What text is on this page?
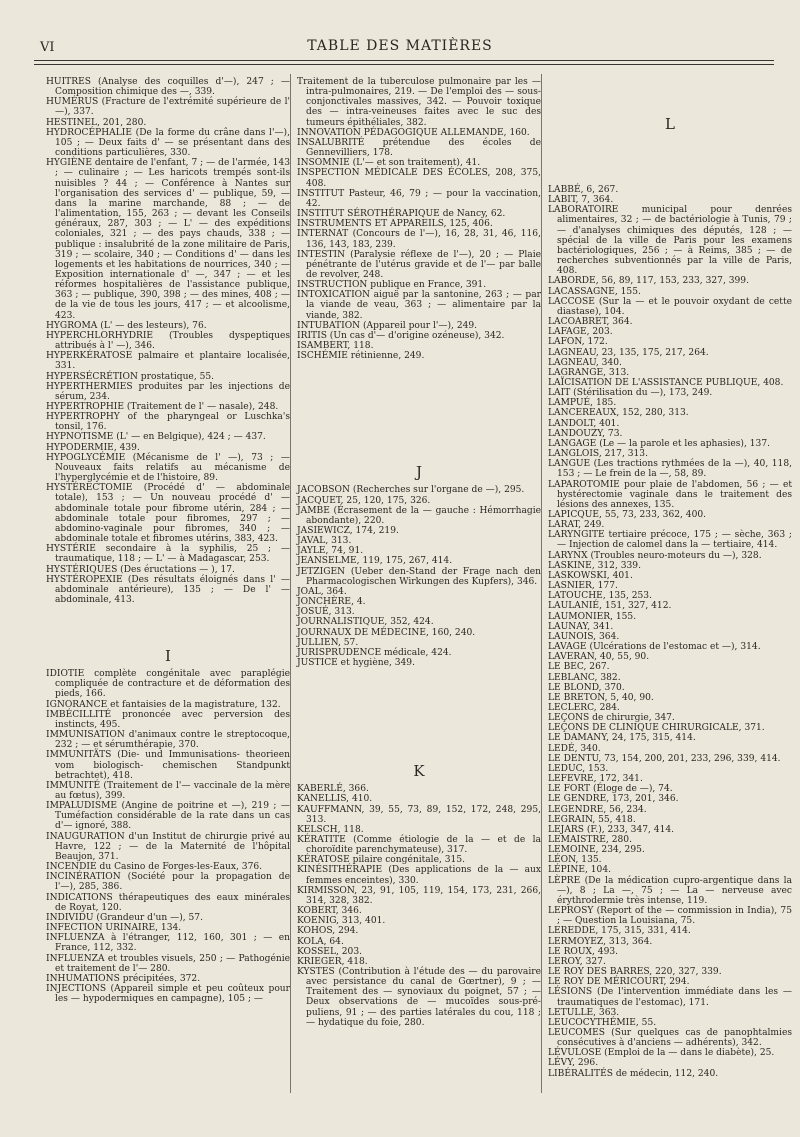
VI	TABLE DES MATIÈRES
HUITRES (Analyse des coquilles d'—), 247 ; — Composition chimique des —, 339.
HUMÉRUS (Fracture de l'extrémité supérieure de l' —), 337.
HESTINEL, 201, 280.
HYDROCÉPHALIE (De la forme du crâne dans l'—), 105 ; — Deux faits d' — se présentant dans des conditions particulières, 330.
HYGIÈNE dentaire de l'enfant, 7 ; — de l'armée, 143 ; — culinaire ; — Les haricots trempés sont-ils nuisibles ? 44 ; — Conférence à Nantes sur l'organisation des services d' — publique, 59, — dans la marine marchande, 88 ; — de l'alimentation, 155, 263 ; — devant les Conseils généraux, 287, 303 ; — L' — des expéditions coloniales, 321 ; — des pays chauds, 338 ; — publique : insalubrité de la zone militaire de Paris, 319 ; — scolaire, 340 ; — Conditions d' — dans les logements et les habitations de nourrices, 340 ; — Exposition internationale d' —, 347 ; — et les réformes hospitalières de l'assistance publique, 363 ; — publique, 390, 398 ; — des mines, 408 ; — de la vie de tous les jours, 417 ; — et alcoolisme, 423.
HYGROMA (L' — des lesteurs), 76.
HYPERCHLORHYDRIE (Troubles dyspeptiques attribués à l' —), 346.
HYPERKÉRATOSE palmaire et plantaire localisée, 331.
HYPERSÉCRÉTION prostatique, 55.
HYPERTHERMIES produites par les injections de sérum, 234.
HYPERTROPHIE (Traitement de l' — nasale), 248.
HYPERTROPHY of the pharyngeal or Luschka's tonsil, 176.
HYPNOTISME (L' — en Belgique), 424 ; — 437.
HYPODERMIE, 439.
HYPOGLYCÉMIE (Mécanisme de l' —), 73 ; — Nouveaux faits relatifs au mécanisme de l'hyperglycémie et de l'histoire, 89.
HYSTÉRECTOMIE (Procédé d' — abdominale totale), 153 ; — Un nouveau procédé d' — abdominale totale pour fibrome utérin, 284 ; — abdominale totale pour fibromes, 297 ; — abdomino-vaginale pour fibromes, 340 ; — abdominale totale et fibromes utérins, 383, 423.
HYSTÉRIE secondaire à la syphilis, 25 ; — traumatique, 118 ; — L' — à Madagascar, 253.
HYSTÉRIQUES (Des éructations — ), 17.
HYSTÉROPEXIE (Des résultats éloignés dans l' — abdominale antérieure), 135 ; — De l' — abdominale, 413.
I
IDIOTIE complète congénitale avec paraplégie compliquée de contracture et de déformation des pieds, 166.
IGNORANCE et fantaisies de la magistrature, 132.
IMBÉCILLITÉ prononcée avec perversion des instincts, 495.
IMMUNISATION d'animaux contre le streptocoque, 232 ; — et sérumthérapie, 370.
IMMUNITÄTS (Die- und Immunisations- theorieen vom biologisch- chemischen Standpunkt betrachtet), 418.
IMMUNITÉ (Traitement de l'— vaccinale de la mère au fœtus), 399.
IMPALUDISME (Angine de poitrine et —), 219 ; — Tuméfaction considérable de la rate dans un cas d'— ignoré, 388.
INAUGURATION d'un Institut de chirurgie privé au Havre, 122 ; — de la Maternité de l'hôpital Beaujon, 371.
INCENDIE du Casino de Forges-les-Eaux, 376.
INCINÉRATION (Société pour la propagation de l'—), 285, 386.
INDICATIONS thérapeutiques des eaux minérales de Royat, 120.
INDIVIDU (Grandeur d'un —), 57.
INFECTION URINAIRE, 134.
INFLUENZA à l'étranger, 112, 160, 301 ; — en France, 112, 332.
INFLUENZA et troubles visuels, 250 ; — Pathogénie et traitement de l'— 280.
INHUMATIONS précipitées, 372.
INJECTIONS (Appareil simple et peu coûteux pour les — hypodermiques en campagne), 105 ; —
Traitement de la tuberculose pulmonaire par les — intra-pulmonaires, 219. — De l'emploi des — sous-conjonctivales massives, 342. — Pouvoir toxique des — intra-veineuses faites avec le suc des tumeurs épithéliales, 382.
INNOVATION PÉDAGOGIQUE ALLEMANDE, 160.
INSALUBRITÉ prétendue des écoles de Gennevilliers, 178.
INSOMNIE (L'— et son traitement), 41.
INSPECTION MÉDICALE DES ÉCOLES, 208, 375, 408.
INSTITUT Pasteur, 46, 79 ; — pour la vaccination, 42.
INSTITUT SÉROTHÉRAPIQUE de Nancy, 62.
INSTRUMENTS ET APPAREILS, 125, 406.
INTERNAT (Concours de l'—), 16, 28, 31, 46, 116, 136, 143, 183, 239.
INTESTIN (Paralysie réflexe de l'—), 20 ; — Plaie pénétrante de l'utérus gravide et de l'— par balle de revolver, 248.
INSTRUCTION publique en France, 391.
INTOXICATION aiguë par la santonine, 263 ; — par la viande de veau, 363 ; — alimentaire par la viande, 382.
INTUBATION (Appareil pour l'—), 249.
IRITIS (Un cas d'— d'origine ozéneuse), 342.
ISAMBERT, 118.
ISCHÉMIE rétinienne, 249.
J
JACOBSON (Recherches sur l'organe de —), 295.
JACQUET, 25, 120, 175, 326.
JAMBE (Écrasement de la — gauche : Hémorrhagie abondante), 220.
JASIEWICZ, 174, 219.
JAVAL, 313.
JAYLE, 74, 91.
JEANSELME, 119, 175, 267, 414.
JETZIGEN (Ueber den-Stand der Frage nach den Pharmacologischen Wirkungen des Kupfers), 346.
JOAL, 364.
JONCHÈRE, 4.
JOSUÉ, 313.
JOURNALISTIQUE, 352, 424.
JOURNAUX DE MÉDECINE, 160, 240.
JULLIEN, 57.
JURISPRUDENCE médicale, 424.
JUSTICE et hygiène, 349.
K
KABERLÉ, 366.
KANELLIS, 410.
KAUFFMANN, 39, 55, 73, 89, 152, 172, 248, 295, 313.
KELSCH, 118.
KÉRATITE (Comme étiologie de la — et de la choroïdite parenchymateuse), 317.
KÉRATOSE pilaire congénitale, 315.
KINÉSITHÉRAPIE (Des applications de la — aux femmes enceintes), 330.
KIRMISSON, 23, 91, 105, 119, 154, 173, 231, 266, 314, 328, 382.
KOBERT, 346.
KOENIG, 313, 401.
KOHOS, 294.
KOLA, 64.
KOSSEL, 203.
KRIEGER, 418.
KYSTES (Contribution à l'étude des — du parovaire avec persistance du canal de Gœrtner), 9 ; — Traitement des — synoviaux du poignet, 57 ; — Deux observations de — mucoïdes sous-pré-puliens, 91 ; — des parties latérales du cou, 118 ; — hydatique du foie, 280.
L
LABBÉ, 6, 267.
LABIT, 7, 364.
LABORATOIRE municipal pour denrées alimentaires, 32 ; — de bactériologie à Tunis, 79 ; — d'analyses chimiques des députés, 128 ; — spécial de la ville de Paris pour les examens bactériologiques, 256 ; — à Reims, 385 ; — de recherches subventionnés par la ville de Paris, 408.
LABORDE, 56, 89, 117, 153, 233, 327, 399.
LACASSAGNE, 155.
LACCOSE (Sur la — et le pouvoir oxydant de cette diastase), 104.
LACOABRET, 364.
LAFAGE, 203.
LAFON, 172.
LAGNEAU, 23, 135, 175, 217, 264.
LAGNEAU, 340.
LAGRANGE, 313.
LAÏCISATION DE L'ASSISTANCE PUBLIQUE, 408.
LAIT (Stérilisation du —), 173, 249.
LAMPUÉ, 185.
LANCEREAUX, 152, 280, 313.
LANDOLT, 401.
LANDOUZY, 73.
LANGAGE (Le — la parole et les aphasies), 137.
LANGLOIS, 217, 313.
LANGUE (Les tractions rythmées de la —), 40, 118, 153 ; — Le frein de la —, 58, 89.
LAPAROTOMIE pour plaie de l'abdomen, 56 ; — et hystérectomie vaginale dans le traitement des lésions des annexes, 135.
LAPICQUE, 55, 73, 233, 362, 400.
LARAT, 249.
LARYNGITE tertiaire précoce, 175 ; — sèche, 363 ; — Injection de calomel dans la — tertiaire, 414.
LARYNX (Troubles neuro-moteurs du —), 328.
LASKINE, 312, 339.
LASKOWSKI, 401.
LASNIER, 177.
LATOUCHE, 135, 253.
LAULANIÉ, 151, 327, 412.
LAUMONIER, 155.
LAUNAY, 341.
LAUNOIS, 364.
LAVAGE (Ulcérations de l'estomac et —), 314.
LAVERAN, 40, 55, 90.
LE BEC, 267.
LEBLANC, 382.
LE BLOND, 370.
LE BRETON, 5, 40, 90.
LECLERC, 284.
LEÇONS de chirurgie, 347.
LEÇONS DE CLINIQUE CHIRURGICALE, 371.
LE DAMANY, 24, 175, 315, 414.
LEDÉ, 340.
LE DENTU, 73, 154, 200, 201, 233, 296, 339, 414.
LEDUC, 153.
LEFEVRE, 172, 341.
LE FORT (Éloge de —), 74.
LE GENDRE, 173, 201, 346.
LEGENDRE, 56, 234.
LEGRAIN, 55, 418.
LEJARS (F.), 233, 347, 414.
LEMAISTRE, 280.
LEMOINE, 234, 295.
LÉON, 135.
LÉPINE, 104.
LÈPRE (De la médication cupro-argentique dans la —), 8 ; La —, 75 ; — La — nerveuse avec érythrodermie très intense, 119.
LEPROSY (Report of the — commission in India), 75 ; — Question la Louisiana, 75.
LEREDDE, 175, 315, 331, 414.
LERMOYEZ, 313, 364.
LE ROUX, 493.
LEROY, 327.
LE ROY DES BARRES, 220, 327, 339.
LE ROY DE MÉRICOURT, 294.
LÉSIONS (De l'intervention immédiate dans les — traumatiques de l'estomac), 171.
LETULLE, 363.
LEUCOCYTHÉMIE, 55.
LEUCOMES (Sur quelques cas de panophtalmies consécutives à d'anciens — adhérents), 342.
LÉVULOSE (Emploi de la — dans le diabète), 25.
LÉVY, 296.
LIBÉRALITÉS de médecin, 112, 240.
